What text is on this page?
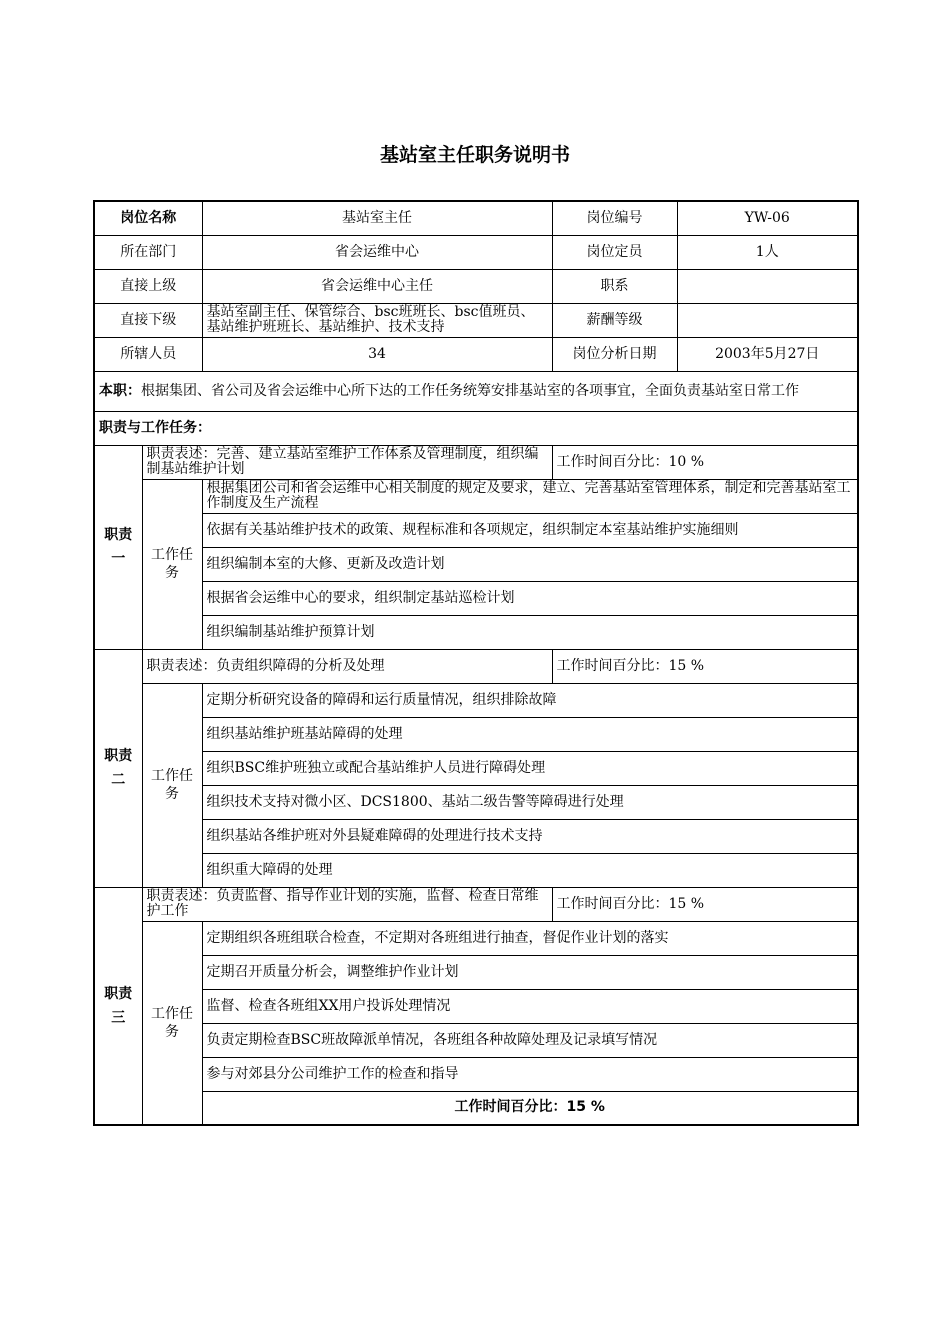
基站室主任职务说明书
岗位名称		基站室主任	岗位编号	YW-06
所在部门		省会运维中心	岗位定员	1人
直接上级		省会运维中心主任	职系	
直接下级		基站室副主任、保管综合、bsc班班长、bsc值班员、基站维护班班长、基站维护、技术支持	薪酬等级	
所辖人员		34	岗位分析日期	2003年5月27日
本职：根据集团、省公司及省会运维中心所下达的工作任务统筹安排基站室的各项事宜，全面负责基站室日常工作				
职责与工作任务：				
职责一	职责表述：完善、建立基站室维护工作体系及管理制度，组织编制基站维护计划		工作时间百分比：10 %	
	工作任务	根据集团公司和省会运维中心相关制度的规定及要求，建立、完善基站室管理体系，制定和完善基站室工作制度及生产流程		
		依据有关基站维护技术的政策、规程标准和各项规定，组织制定本室基站维护实施细则		
		组织编制本室的大修、更新及改造计划		
		根据省会运维中心的要求，组织制定基站巡检计划		
		组织编制基站维护预算计划		
职责二	职责表述：负责组织障碍的分析及处理		工作时间百分比：15 %	
	工作任务	定期分析研究设备的障碍和运行质量情况，组织排除故障		
		组织基站维护班基站障碍的处理		
		组织BSC维护班独立或配合基站维护人员进行障碍处理		
		组织技术支持对微小区、DCS1800、基站二级告警等障碍进行处理		
		组织基站各维护班对外县疑难障碍的处理进行技术支持		
		组织重大障碍的处理		
职责三	职责表述：负责监督、指导作业计划的实施，监督、检查日常维护工作		工作时间百分比：15 %	
	工作任务	定期组织各班组联合检查，不定期对各班组进行抽查，督促作业计划的落实		
		定期召开质量分析会，调整维护作业计划		
		监督、检查各班组XX用户投诉处理情况		
		负责定期检查BSC班故障派单情况，各班组各种故障处理及记录填写情况		
		参与对郊县分公司维护工作的检查和指导		
		工作时间百分比：15 %		
